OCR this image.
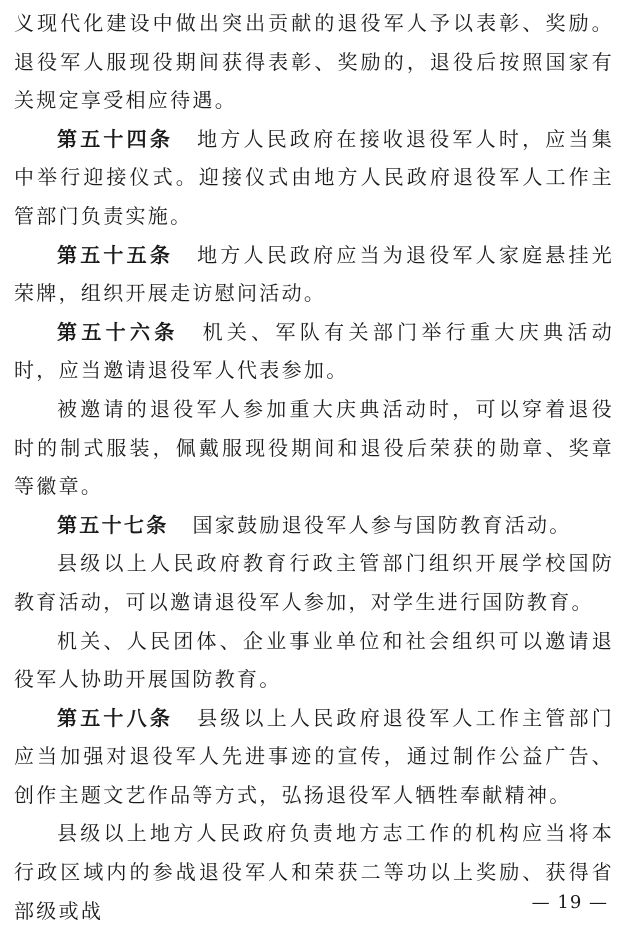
义现代化建设中做出突出贡献的退役军人予以表彰、奖励。退役军人服现役期间获得表彰、奖励的，退役后按照国家有关规定享受相应待遇。

第五十四条 地方人民政府在接收退役军人时，应当集中举行迎接仪式。迎接仪式由地方人民政府退役军人工作主管部门负责实施。

第五十五条 地方人民政府应当为退役军人家庭悬挂光荣牌，组织开展走访慰问活动。

第五十六条 机关、军队有关部门举行重大庆典活动时，应当邀请退役军人代表参加。

被邀请的退役军人参加重大庆典活动时，可以穿着退役时的制式服装，佩戴服现役期间和退役后荣获的勋章、奖章等徽章。

第五十七条 国家鼓励退役军人参与国防教育活动。

县级以上人民政府教育行政主管部门组织开展学校国防教育活动，可以邀请退役军人参加，对学生进行国防教育。

机关、人民团体、企业事业单位和社会组织可以邀请退役军人协助开展国防教育。

第五十八条 县级以上人民政府退役军人工作主管部门应当加强对退役军人先进事迹的宣传，通过制作公益广告、创作主题文艺作品等方式，弘扬退役军人牺牲奉献精神。

县级以上地方人民政府负责地方志工作的机构应当将本行政区域内的参战退役军人和荣获二等功以上奖励、获得省部级或战	— 19 —
